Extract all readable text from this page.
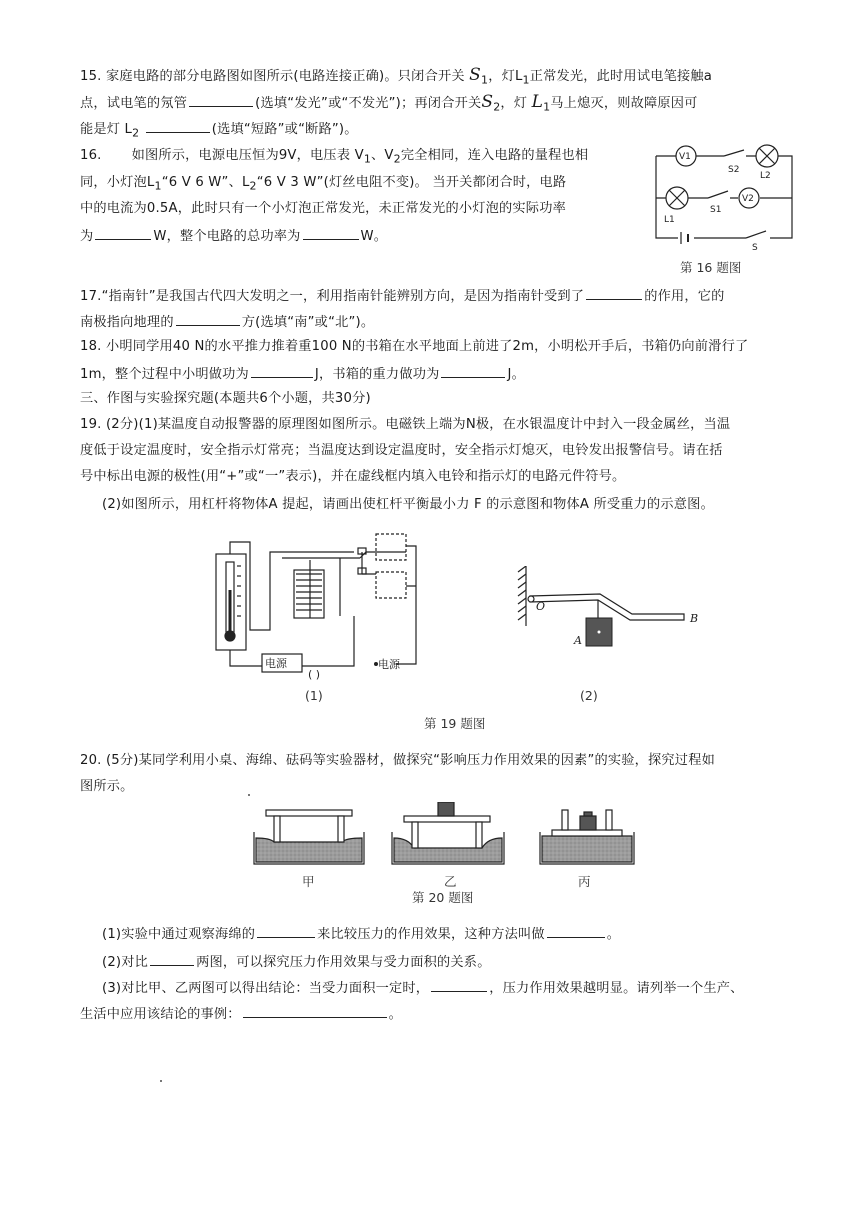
15. 家庭电路的部分电路图如图所示(电路连接正确)。只闭合开关 $S_1$，灯$L_1$正常发光，此时用试电笔接触a
点，试电笔的氖管	(选填“发光”或“不发光”)；再闭合开关$S_2$，灯 $L_1$马上熄灭，则故障原因可
能是灯 $L_2$	(选填“短路”或“断路”)。
16. 如图所示，电源电压恒为9V，电压表 $V_1$、$V_2$完全相同，连入电路的量程也相
同，小灯泡$L_1“6$ V 6 W”、$L_2“6$ V 3 W”(灯丝电阻不变)。 当开关都闭合时，电路
中的电流为0.5A，此时只有一个小灯泡正常发光，未正常发光的小灯泡的实际功率
为	W，整个电路的总功率为	W。
V1
S2
L2
L1
S1
V2
S
第 16 题图
17.“指南针”是我国古代四大发明之一，利用指南针能辨别方向，是因为指南针受到了	的作用，它的
南极指向地理的	方(选填“南”或“北”)。
18. 小明同学用40 N的水平推力推着重100 N的书箱在水平地面上前进了2m，小明松开手后，书箱仍向前滑行了
1m，整个过程中小明做功为	J，书箱的重力做功为	J。
三、作图与实验探究题(本题共6个小题，共30分)
19. (2分)(1)某温度自动报警器的原理图如图所示。电磁铁上端为N极，在水银温度计中封入一段金属丝，当温
度低于设定温度时，安全指示灯常亮；当温度达到设定温度时，安全指示灯熄灭，电铃发出报警信号。请在括
号中标出电源的极性(用“+”或“一”表示)，并在虚线框内填入电铃和指示灯的电路元件符号。
(2)如图所示，用杠杆将物体A 提起，请画出使杠杆平衡最小力 F 的示意图和物体A 所受重力的示意图。
电源
( )
电源
(1)
O
B
A
(2)
第 19 题图
20. (5分)某同学利用小桌、海绵、砝码等实验器材，做探究“影响压力作用效果的因素”的实验，探究过程如
图所示。
甲	乙	丙
第 20 题图
(1)实验中通过观察海绵的	来比较压力的作用效果，这种方法叫做	。
(2)对比	两图，可以探究压力作用效果与受力面积的关系。
(3)对比甲、乙两图可以得出结论：当受力面积一定时，	，压力作用效果越明显。请列举一个生产、
生活中应用该结论的事例：	。
